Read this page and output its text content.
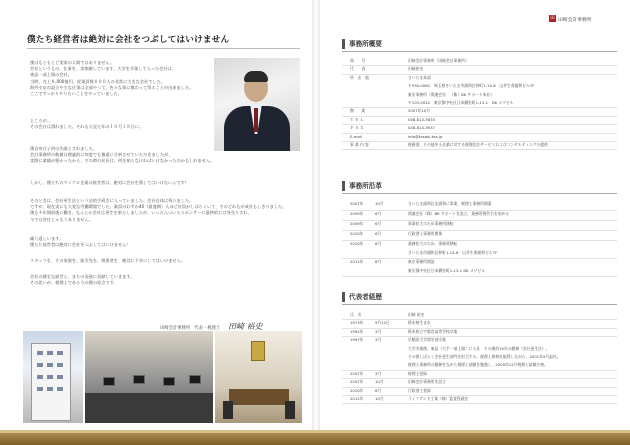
僕たち経営者は絶対に会社をつぶしてはいけません
僕はもともとど実家の人間ではありません。
会社というもの、仕事を、実体験しています。大学を卒業して入った会社は、
東証一部上場の会社。
当時、売上８,000億円、従業員数８００人の非常に大きな会社でした。
海外支店の設立や主な仕事は全部やって、色々な事に携わって得ることが出来ました。
ここですっかりやりたいことをやっていました。
ところが…
その会社は潰れました。それも大見た年の１０月１８日に。
僕自身は子供の失敗とされました。
会計事務所の数値は理論的に何度でも慎重に分析させていただきましたが、
実際に業績が悪かったから、その時の社長は、何を知らなければいけなかったのかもしれません。
しかし、僕たちのマイクロ企業の経営者は、絶対に会社を潰してはいけないんです！
そのときは、会社更生法という法的手続きに入っていました。会社自体は残りました。
ですが、現在実にも大変な労働環境でした。業員のわずか40（最盛期）人ほど社員がしばらくいて、そのどれもが成長もしきりました。
僕も４年間前後に働き、なんとか会社は更生を果たしましたが、いったんついたスポンサーに最終的には身売りされ、
今では会社じゃもうありません。
繰り返しいます。
僕たち経営者は絶対に会社をつぶしてはいけません！
スタッフを、その家族を、取引先を、関係者を、絶対に不幸にしてはいけません。
会社の健全な経営と、まちの発展に貢献していきます。
その思いが、税理士である今の僕の原点です。
田崎会計事務所　代表・税理士 田崎 裕史
田 田崎会計事務所
事務所概要
商　　号	田崎会計事務所（田崎会計事務所）
代　　表	田崎裕史
所　在　地	さいたま本部
〒330-0062　埼玉県さいたま市浦和区仲町1-14-8　山井生命浦和ビル7F
東京事務所（関連会社：（株）BK サポート本社）
〒103-0022　東京都中央区日本橋室町1-13-1　DK メゾビル
創　　業	2007年10月
Ｔ Ｅ Ｌ	048-814-3635
Ｆ Ａ Ｘ	048-814-3637
E-mail	info@tasaki-tax.jp
事 業 内 容	税務書、その他中小企業に対する税理会計サービスおよびコンサルティングの提供
事務所沿革
2007年	10月	さいたま浦和区北浦和に事業、税理士事務所開業
2009年	6月	関連会社（株）BK サポートを設立、業務管理代行を始める
2009年	6月	事業拡大のため事務所移転
2010年	6月	行政書士事務所開業
2010年	8月	業務拡大のため、事務所移転
さいたま市浦和区仲町1-14-8　山井生命浦和ビル7F
2012年	8月	東京事務所開設
東京都中央区日本橋室町1-13-1 DK メゾビル
代表者経歴
氏　名	田崎 裕史
1973年	9月12日	栃木県生まれ
1992年	3月	栃木県立宇都宮高等学校卒業
1997年	3月	早稲田大学商学部卒業
大学卒業後、東証（大手一部上場）に入社　その後約10年の勤務（会社更生法）。
その後しばらく会社更生部門を担当する。税理士資格を取得しながら、2001年5月退社。
税理士事務所の勤務をながら税理士試験を勉強し、2005年12月税理士試験合格。
2007年	3月	税理士登録
2007年	10月	田崎会計事務所を設立
2010年	6月	行政書士登録
2012年	10月	ライフアンド工業（株）監査役就任
